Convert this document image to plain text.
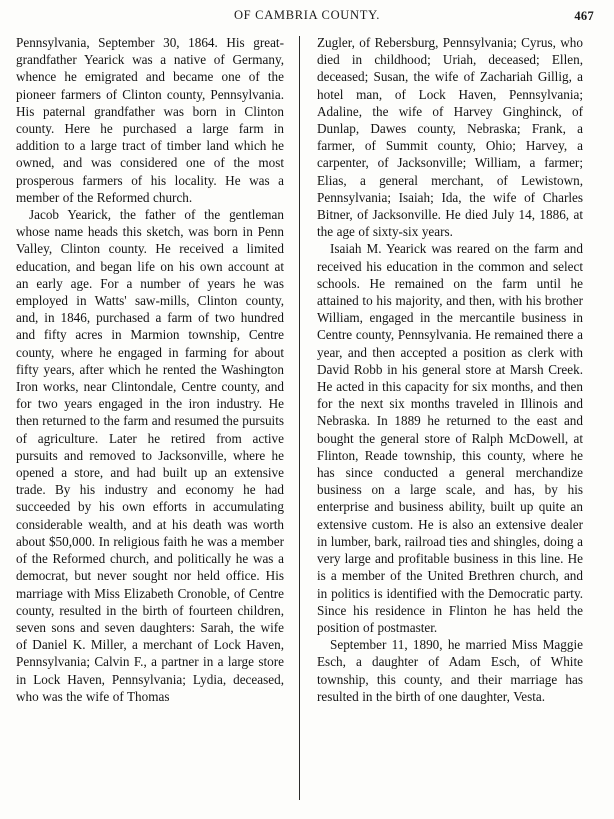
OF CAMBRIA COUNTY.	467

Pennsylvania, September 30, 1864. His great-grandfather Yearick was a native of Germany, whence he emigrated and became one of the pioneer farmers of Clinton county, Pennsylvania. His paternal grandfather was born in Clinton county. Here he purchased a large farm in addition to a large tract of timber land which he owned, and was considered one of the most prosperous farmers of his locality. He was a member of the Reformed church.

Jacob Yearick, the father of the gentleman whose name heads this sketch, was born in Penn Valley, Clinton county. He received a limited education, and began life on his own account at an early age. For a number of years he was employed in Watts' saw-mills, Clinton county, and, in 1846, purchased a farm of two hundred and fifty acres in Marmion township, Centre county, where he engaged in farming for about fifty years, after which he rented the Washington Iron works, near Clintondale, Centre county, and for two years engaged in the iron industry. He then returned to the farm and resumed the pursuits of agriculture. Later he retired from active pursuits and removed to Jacksonville, where he opened a store, and had built up an extensive trade. By his industry and economy he had succeeded by his own efforts in accumulating considerable wealth, and at his death was worth about $50,000. In religious faith he was a member of the Reformed church, and politically he was a democrat, but never sought nor held office. His marriage with Miss Elizabeth Cronoble, of Centre county, resulted in the birth of fourteen children, seven sons and seven daughters: Sarah, the wife of Daniel K. Miller, a merchant of Lock Haven, Pennsylvania; Calvin F., a partner in a large store in Lock Haven, Pennsylvania; Lydia, deceased, who was the wife of Thomas

Zugler, of Rebersburg, Pennsylvania; Cyrus, who died in childhood; Uriah, deceased; Ellen, deceased; Susan, the wife of Zachariah Gillig, a hotel man, of Lock Haven, Pennsylvania; Adaline, the wife of Harvey Ginghinck, of Dunlap, Dawes county, Nebraska; Frank, a farmer, of Summit county, Ohio; Harvey, a carpenter, of Jacksonville; William, a farmer; Elias, a general merchant, of Lewistown, Pennsylvania; Isaiah; Ida, the wife of Charles Bitner, of Jacksonville. He died July 14, 1886, at the age of sixty-six years.

Isaiah M. Yearick was reared on the farm and received his education in the common and select schools. He remained on the farm until he attained to his majority, and then, with his brother William, engaged in the mercantile business in Centre county, Pennsylvania. He remained there a year, and then accepted a position as clerk with David Robb in his general store at Marsh Creek. He acted in this capacity for six months, and then for the next six months traveled in Illinois and Nebraska. In 1889 he returned to the east and bought the general store of Ralph McDowell, at Flinton, Reade township, this county, where he has since conducted a general merchandize business on a large scale, and has, by his enterprise and business ability, built up quite an extensive custom. He is also an extensive dealer in lumber, bark, railroad ties and shingles, doing a very large and profitable business in this line. He is a member of the United Brethren church, and in politics is identified with the Democratic party. Since his residence in Flinton he has held the position of postmaster.

September 11, 1890, he married Miss Maggie Esch, a daughter of Adam Esch, of White township, this county, and their marriage has resulted in the birth of one daughter, Vesta.
